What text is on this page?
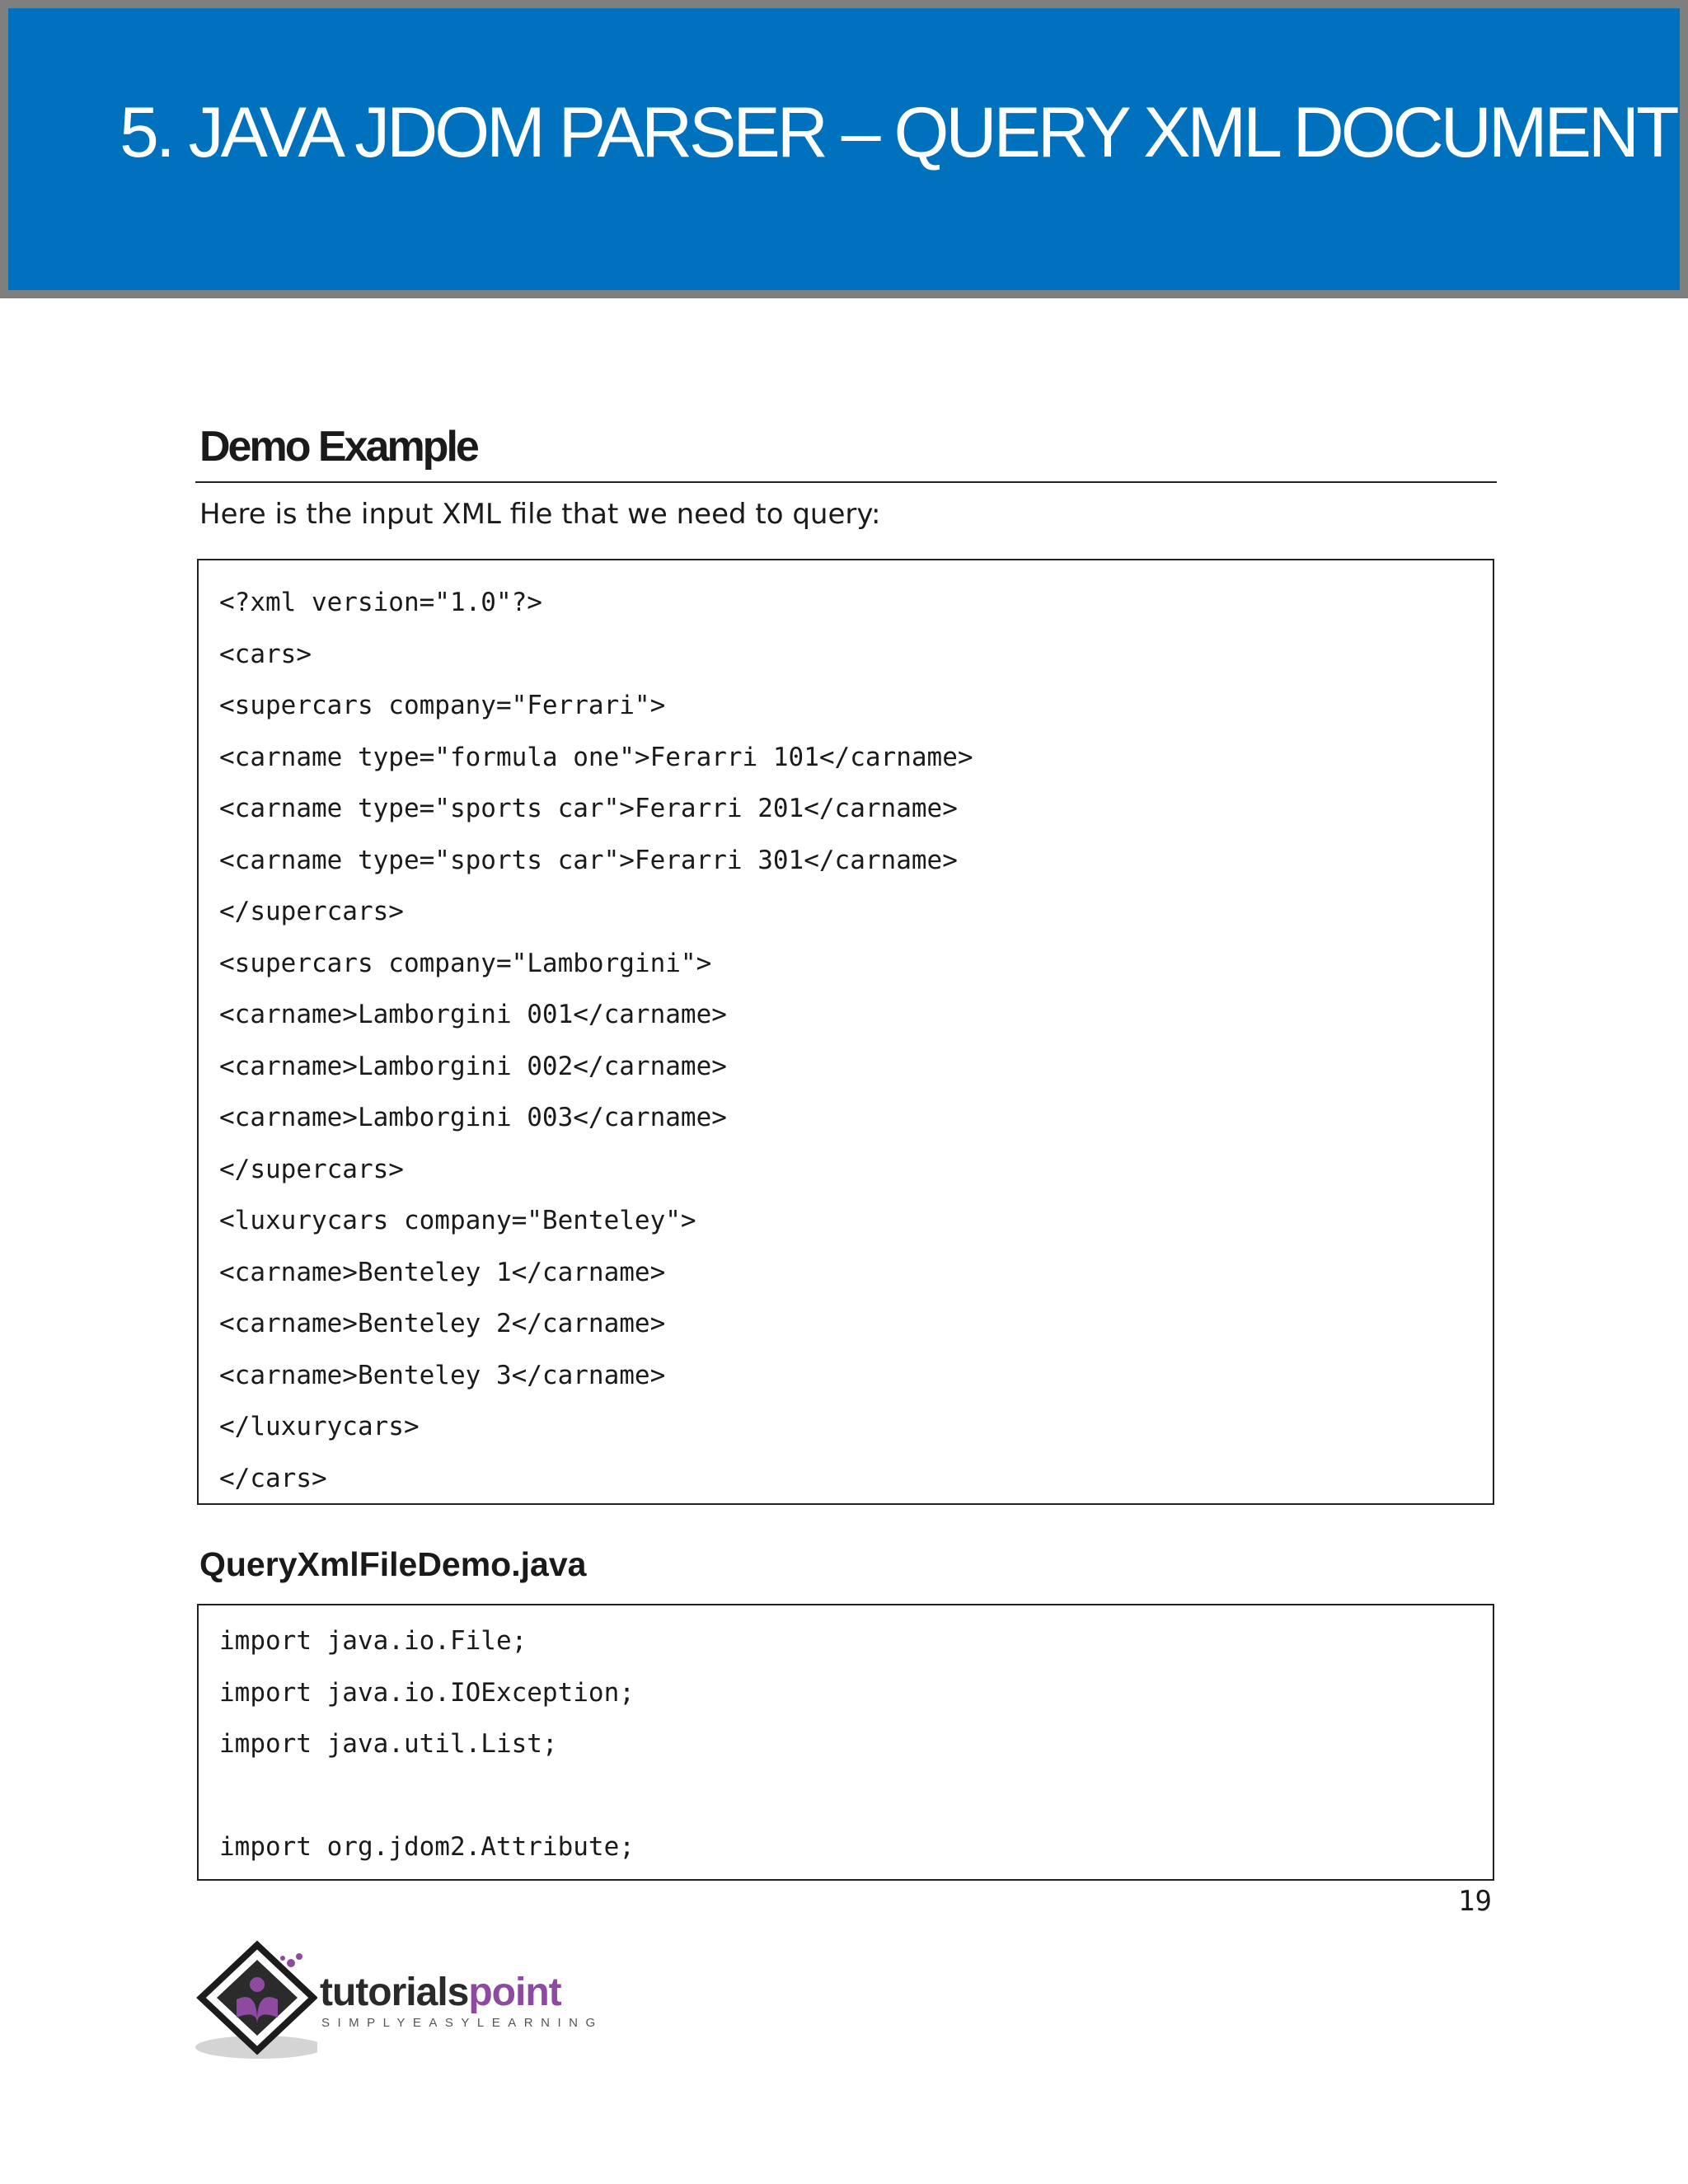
5. JAVA JDOM PARSER – QUERY XML DOCUMENT
Demo Example

Here is the input XML file that we need to query:

<?xml version="1.0"?>
<cars>
<supercars company="Ferrari">
<carname type="formula one">Ferarri 101</carname>
<carname type="sports car">Ferarri 201</carname>
<carname type="sports car">Ferarri 301</carname>
</supercars>
<supercars company="Lamborgini">
<carname>Lamborgini 001</carname>
<carname>Lamborgini 002</carname>
<carname>Lamborgini 003</carname>
</supercars>
<luxurycars company="Benteley">
<carname>Benteley 1</carname>
<carname>Benteley 2</carname>
<carname>Benteley 3</carname>
</luxurycars>
</cars>
QueryXmlFileDemo.java
import java.io.File;
import java.io.IOException;
import java.util.List;
import org.jdom2.Attribute;
19
tutorialspoint
SIMPLYEASYLEARNING
